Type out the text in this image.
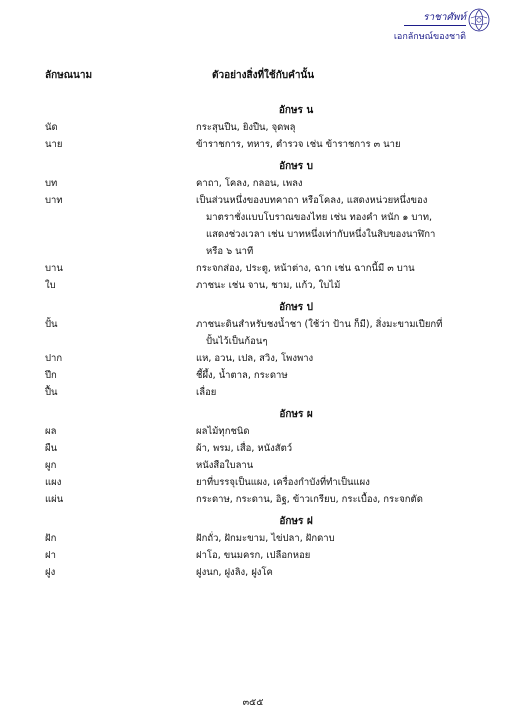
ราชาศัพท์
เอกลักษณ์ของชาติ
ลักษณนาม	ตัวอย่างสิ่งที่ใช้กับคำนั้น
อักษร น
นัด	กระสุนปืน, ยิงปืน, จุดพลุ
นาย	ข้าราชการ, ทหาร, ตำรวจ เช่น ข้าราชการ ๓ นาย
อักษร บ
บท	คาถา, โคลง, กลอน, เพลง
บาท	เป็นส่วนหนึ่งของบทคาถา หรือโคลง, แสดงหน่วยหนึ่งของ
มาตราชั่งแบบโบราณของไทย เช่น ทองคำ หนัก ๑ บาท,
แสดงช่วงเวลา เช่น บาทหนึ่งเท่ากับหนึ่งในสิบของนาฬิกา
หรือ ๖ นาที
บาน	กระจกส่อง, ประตู, หน้าต่าง, ฉาก เช่น ฉากนี้มี ๓ บาน
ใบ	ภาชนะ เช่น จาน, ชาม, แก้ว, ใบไม้
อักษร ป
ปั้น	ภาชนะดินสำหรับชงน้ำชา (ใช้ว่า ป้าน ก็มี), สิ่งมะขามเปียกที่
ปั้นไว้เป็นก้อนๆ
ปาก	แห, อวน, เปล, สวิง, โพงพาง
ปึก	ชี้ผึ้ง, น้ำตาล, กระดาษ
ปื้น	เลื่อย
อักษร ผ
ผล	ผลไม้ทุกชนิด
ผืน	ผ้า, พรม, เสื่อ, หนังสัตว์
ผูก	หนังสือใบลาน
แผง	ยาที่บรรจุเป็นแผง, เครื่องกำบังที่ทำเป็นแผง
แผ่น	กระดาษ, กระดาน, อิฐ, ข้าวเกรียบ, กระเบื้อง, กระจกตัด
อักษร ฝ
ฝัก	ฝักถั่ว, ฝักมะขาม, ไข่ปลา, ฝักดาบ
ฝา	ฝาโอ, ขนมครก, เปลือกหอย
ฝูง	ฝูงนก, ฝูงลิง, ฝูงโค
๓๕๕
